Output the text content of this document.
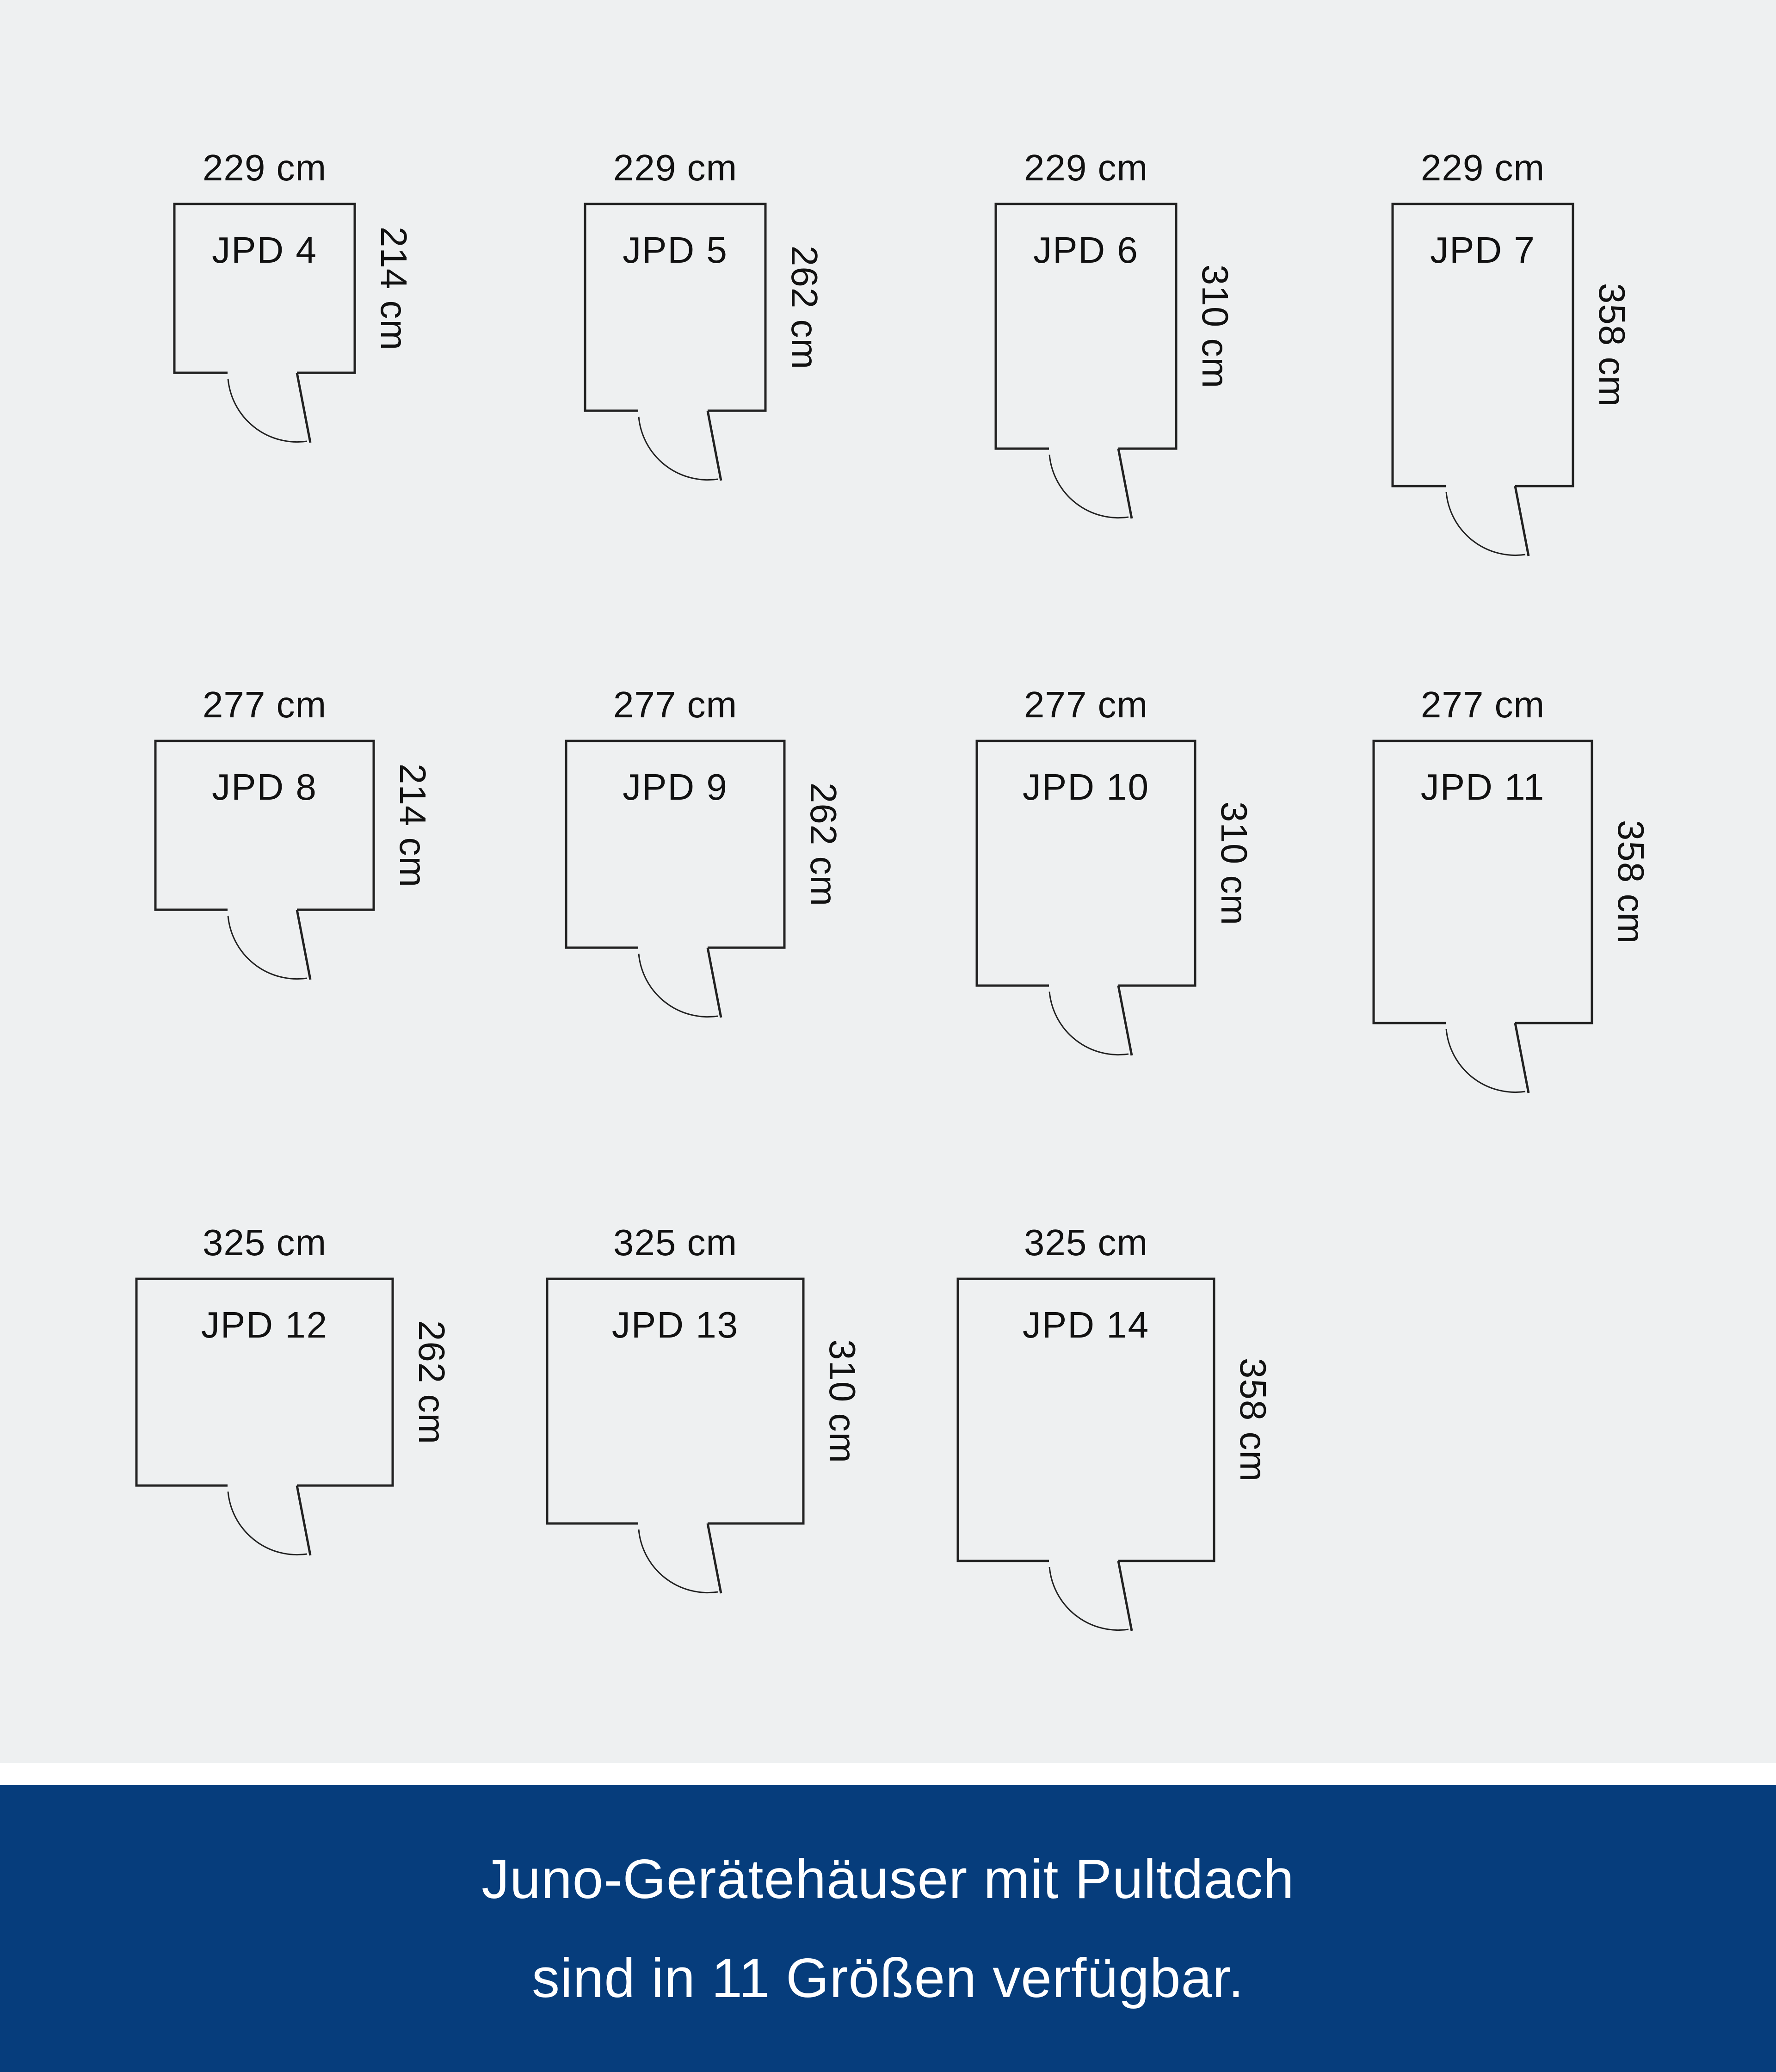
229 cm
JPD 4	214 cm
229 cm
JPD 5	262 cm
229 cm
JPD 6
310 cm
229 cm
JPD 7
358 cm
277 cm
JPD 8	214 cm
277 cm
JPD 9	262 cm
277 cm
JPD 10
310 cm
277 cm
JPD 11
358 cm
325 cm
JPD 12	262 cm
325 cm
JPD 13
310 cm
325 cm
JPD 14
358 cm
Juno-Gerätehäuser mit Pultdach
sind in 11 Größen verfügbar.
